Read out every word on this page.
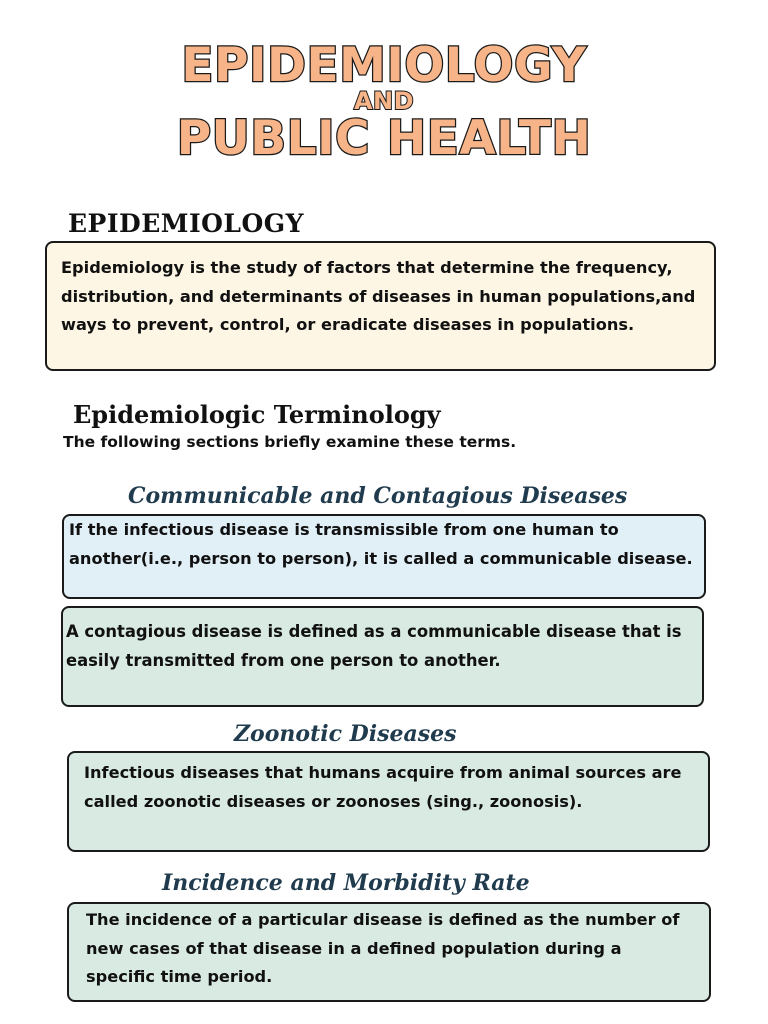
EPIDEMIOLOGY
AND
PUBLIC HEALTH
EPIDEMIOLOGY

Epidemiology is the study of factors that determine the frequency, distribution, and determinants of diseases in human populations,and ways to prevent, control, or eradicate diseases in populations.

Epidemiologic Terminology

The following sections briefly examine these terms.

Communicable and Contagious Diseases

If the infectious disease is transmissible from one human to another(i.e., person to person), it is called a communicable disease.

A contagious disease is defined as a communicable disease that is easily transmitted from one person to another.

Zoonotic Diseases

Infectious diseases that humans acquire from animal sources are called zoonotic diseases or zoonoses (sing., zoonosis).

Incidence and Morbidity Rate

The incidence of a particular disease is defined as the number of new cases of that disease in a defined population during a specific time period.
